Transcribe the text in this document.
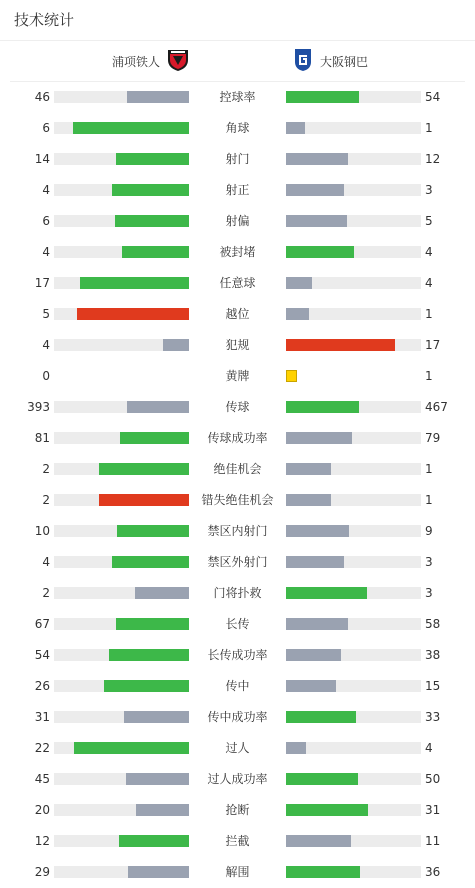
技术统计
浦项铁人	大阪钢巴
46	控球率	54
6	角球	1
14	射门	12
4	射正	3
6	射偏	5
4	被封堵	4
17	任意球	4
5	越位	1
4	犯规	17
0	黄牌	1
393	传球	467
81	传球成功率	79
2	绝佳机会	1
2	错失绝佳机会	1
10	禁区内射门	9
4	禁区外射门	3
2	门将扑救	3
67	长传	58
54	长传成功率	38
26	传中	15
31	传中成功率	33
22	过人	4
45	过人成功率	50
20	抢断	31
12	拦截	11
29	解围	36
